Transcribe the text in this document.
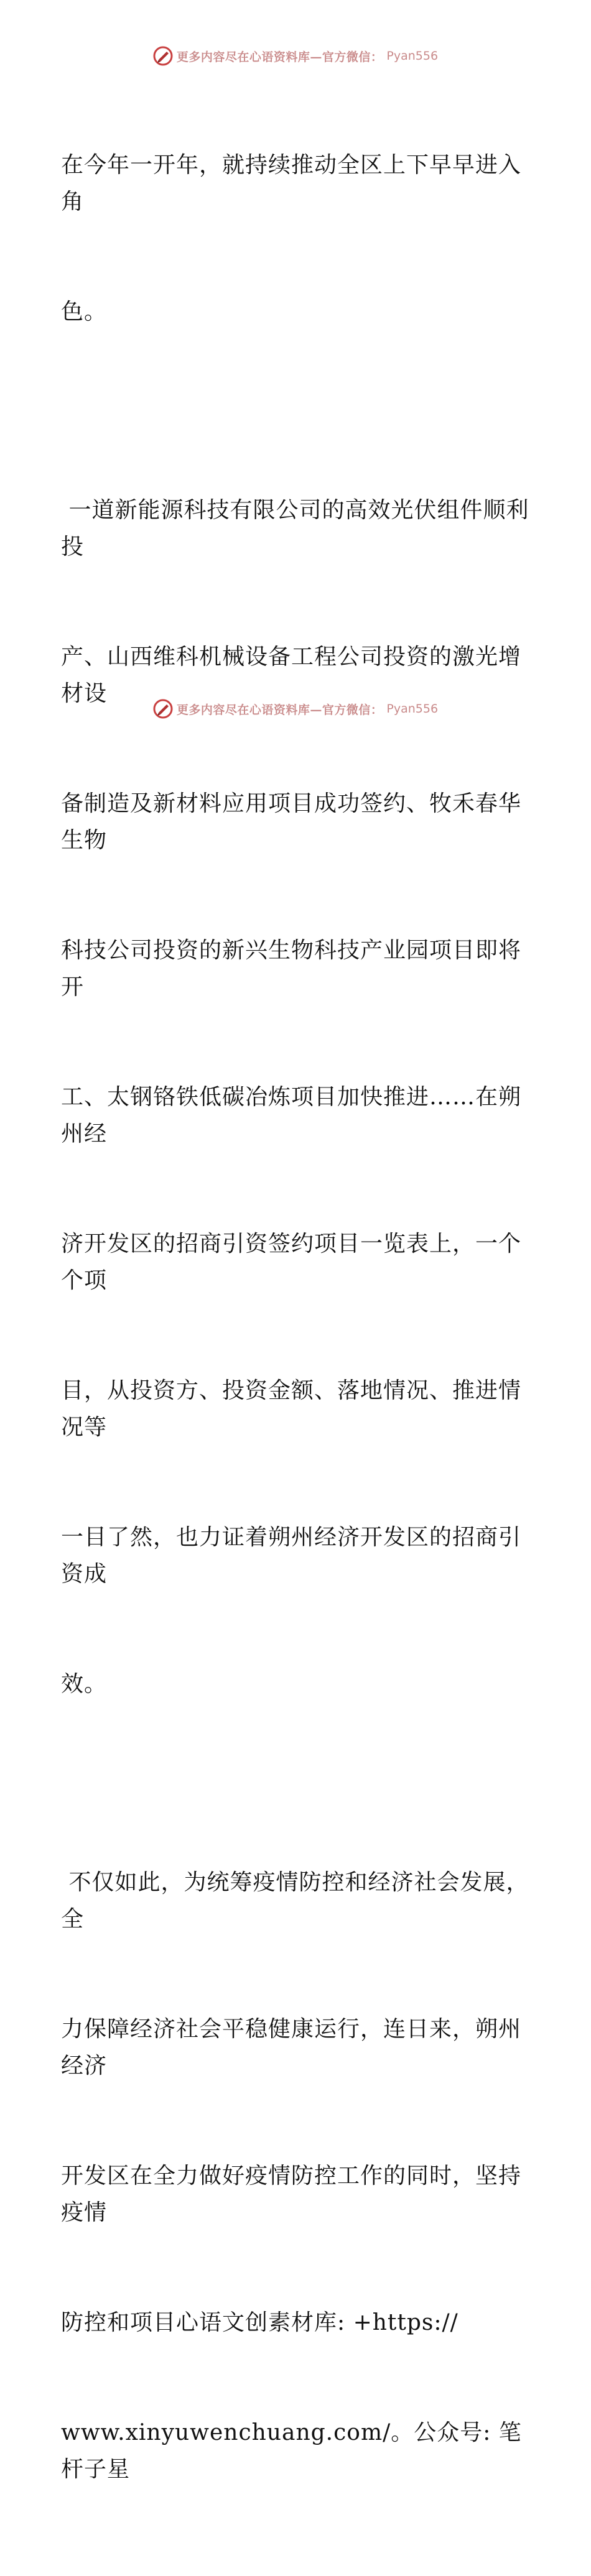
更多内容尽在心语资料库—官方微信： Pyan556

在今年一开年，就持续推动全区上下早早进入角

色。

一道新能源科技有限公司的高效光伏组件顺利投

产、山西维科机械设备工程公司投资的激光增材设

备制造及新材料应用项目成功签约、牧禾春华生物

科技公司投资的新兴生物科技产业园项目即将开

工、太钢铬铁低碳冶炼项目加快推进……在朔州经

济开发区的招商引资签约项目一览表上，一个个项

目，从投资方、投资金额、落地情况、推进情况等

一目了然，也力证着朔州经济开发区的招商引资成

效。

不仅如此，为统筹疫情防控和经济社会发展，全

力保障经济社会平稳健康运行，连日来，朔州经济

开发区在全力做好疫情防控工作的同时，坚持疫情

防控和项目心语文创素材库: +https://

www.xinyuwenchuang.com/。公众号: 笔杆子星

更多内容尽在心语资料库—官方微信： Pyan556
